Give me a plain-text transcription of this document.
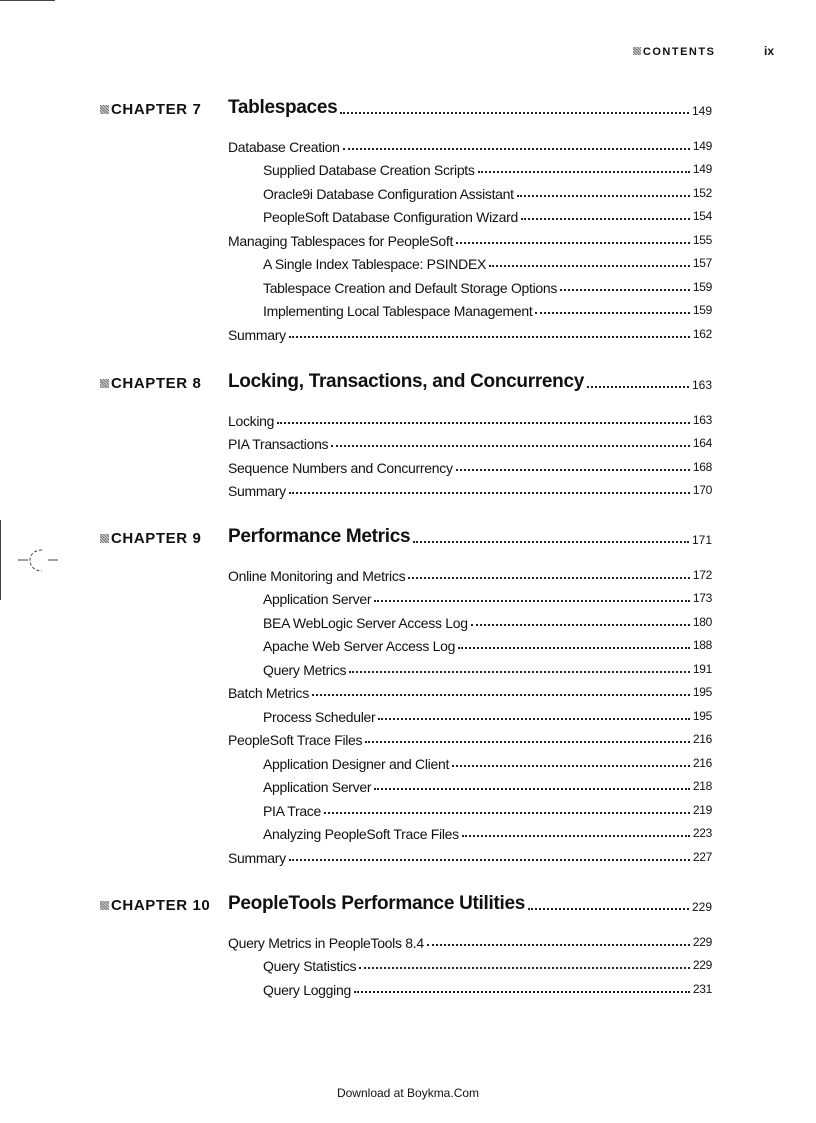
CONTENTS	ix
CHAPTER 7 Tablespaces	149
Database Creation	149
Supplied Database Creation Scripts	149
Oracle9i Database Configuration Assistant	152
PeopleSoft Database Configuration Wizard	154
Managing Tablespaces for PeopleSoft	155
A Single Index Tablespace: PSINDEX	157
Tablespace Creation and Default Storage Options	159
Implementing Local Tablespace Management	159
Summary	162
CHAPTER 8 Locking, Transactions, and Concurrency	163
Locking	163
PIA Transactions	164
Sequence Numbers and Concurrency	168
Summary	170
CHAPTER 9 Performance Metrics	171
Online Monitoring and Metrics	172
Application Server	173
BEA WebLogic Server Access Log	180
Apache Web Server Access Log	188
Query Metrics	191
Batch Metrics	195
Process Scheduler	195
PeopleSoft Trace Files	216
Application Designer and Client	216
Application Server	218
PIA Trace	219
Analyzing PeopleSoft Trace Files	223
Summary	227
CHAPTER 10 PeopleTools Performance Utilities	229
Query Metrics in PeopleTools 8.4	229
Query Statistics	229
Query Logging	231
Download at Boykma.Com
